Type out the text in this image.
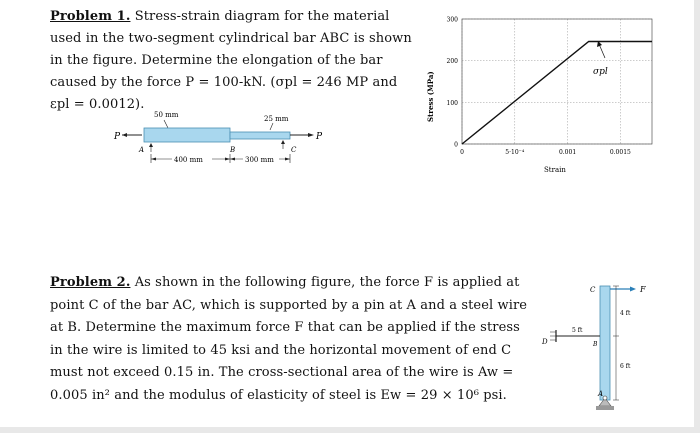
Problem 1. Stress-strain diagram for the material used in the two-segment cylindrical bar ABC is shown in the figure. Determine the elongation of the bar caused by the force P = 100-kN. (σpl = 246 MP and εpl = 0.0012).
50 mm	25 mm
P	P
A	B	C
400 mm	300 mm
0
100
200
300
0	5·10⁻⁴	0.001	0.0015
σpl
Stress (MPa)
Strain
Problem 2. As shown in the following figure, the force F is applied at point C of the bar AC, which is supported by a pin at A and a steel wire at B. Determine the maximum force F that can be applied if the stress in the wire is limited to 45 ksi and the horizontal movement of end C must not exceed 0.15 in. The cross-sectional area of the wire is Aw = 0.005 in² and the modulus of elasticity of steel is Ew = 29 × 10⁶ psi.
C	F
4 ft
6 ft
5 ft
D	B
A
